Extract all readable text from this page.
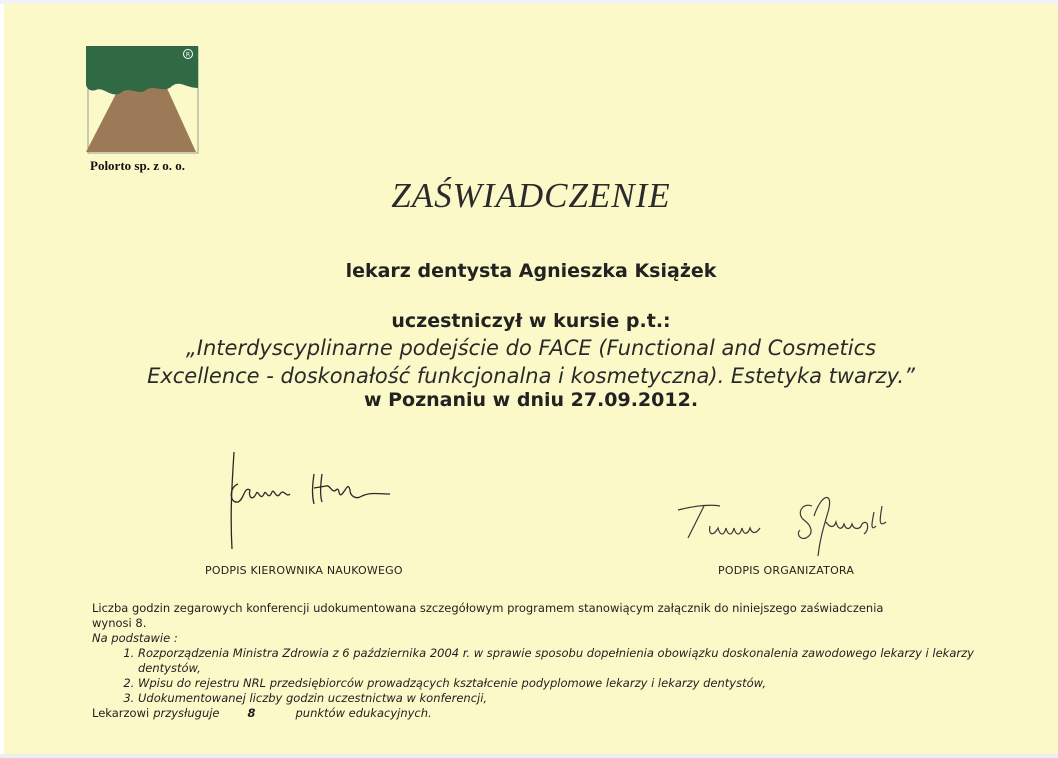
R
Polorto sp. z o. o.
ZAŚWIADCZENIE
lekarz dentysta Agnieszka Książek
uczestniczył w kursie p.t.:
„Interdyscyplinarne podejście do FACE (Functional and Cosmetics
Excellence - doskonałość funkcjonalna i kosmetyczna). Estetyka twarzy.”
w Poznaniu w dniu 27.09.2012.
PODPIS KIEROWNIKA NAUKOWEGO	PODPIS ORGANIZATORA
Liczba godzin zegarowych konferencji udokumentowana szczegółowym programem stanowiącym załącznik do niniejszego zaświadczenia
wynosi 8.
Na podstawie :
1. Rozporządzenia Ministra Zdrowia z 6 października 2004 r. w sprawie sposobu dopełnienia obowiązku doskonalenia zawodowego lekarzy i lekarzy dentystów,
2. Wpisu do rejestru NRL przedsiębiorców prowadzących kształcenie podyplomowe lekarzy i lekarzy dentystów,
3. Udokumentowanej liczby godzin uczestnictwa w konferencji,
Lekarzowi przysługuje 8	punktów edukacyjnych.
